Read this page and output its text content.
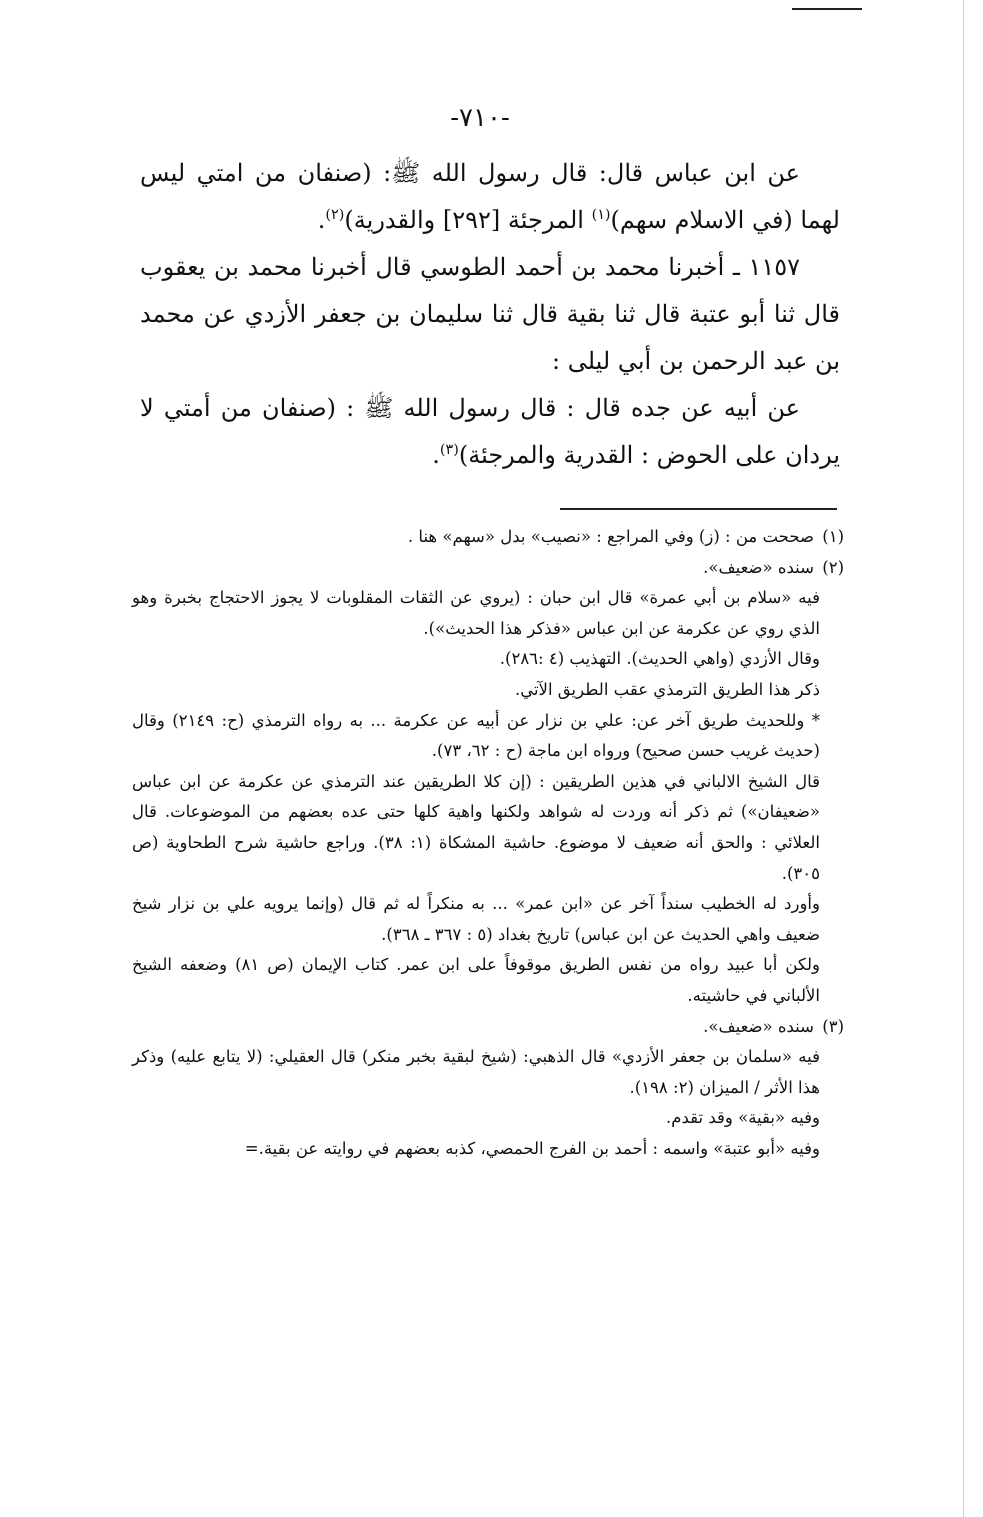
-٧١٠-

عن ابن عباس قال: قال رسول الله ﷺ: (صنفان من امتي ليس لهما (في الاسلام سهم)$^{(١)}$ المرجئة [٢٩٢] والقدرية)$^{(٢)}$.

١١٥٧ ـ أخبرنا محمد بن أحمد الطوسي قال أخبرنا محمد بن يعقوب قال ثنا أبو عتبة قال ثنا بقية قال ثنا سليمان بن جعفر الأزدي عن محمد بن عبد الرحمن بن أبي ليلى :

عن أبيه عن جده قال : قال رسول الله ﷺ : (صنفان من أمتي لا يردان على الحوض : القدرية والمرجئة)$^{(٣)}$.

(١)صححت من : (ز) وفي المراجع : «نصيب» بدل «سهم» هنا .

(٢)سنده «ضعيف».

فيه «سلام بن أبي عمرة» قال ابن حبان : (يروي عن الثقات المقلوبات لا يجوز الاحتجاج بخبرة وهو الذي روي عن عكرمة عن ابن عباس «فذكر هذا الحديث»).

وقال الأزدي (واهي الحديث). التهذيب (٤ :٢٨٦).

ذكر هذا الطريق الترمذي عقب الطريق الآتي.

* وللحديث طريق آخر عن: علي بن نزار عن أبيه عن عكرمة ... به رواه الترمذي (ح: ٢١٤٩) وقال (حديث غريب حسن صحيح) ورواه ابن ماجة (ح : ٦٢، ٧٣).

قال الشيخ الالباني في هذين الطريقين : (إن كلا الطريقين عند الترمذي عن عكرمة عن ابن عباس «ضعيفان») ثم ذكر أنه وردت له شواهد ولكنها واهية كلها حتى عده بعضهم من الموضوعات. قال العلائي : والحق أنه ضعيف لا موضوع. حاشية المشكاة (١: ٣٨). وراجع حاشية شرح الطحاوية (ص ٣٠٥).

وأورد له الخطيب سنداً آخر عن «ابن عمر» ... به منكراً له ثم قال (وإنما يرويه علي بن نزار شيخ ضعيف واهي الحديث عن ابن عباس) تاريخ بغداد (٥ : ٣٦٧ ـ ٣٦٨).

ولكن أبا عبيد رواه من نفس الطريق موقوفاً على ابن عمر. كتاب الإيمان (ص ٨١) وضعفه الشيخ الألباني في حاشيته.

(٣)سنده «ضعيف».

فيه «سلمان بن جعفر الأزدي» قال الذهبي: (شيخ لبقية بخبر منكر) قال العقيلي: (لا يتابع عليه) وذكر هذا الأثر / الميزان (٢: ١٩٨).

وفيه «بقية» وقد تقدم.

وفيه «أبو عتبة» واسمه : أحمد بن الفرج الحمصي، كذبه بعضهم في روايته عن بقية.=
